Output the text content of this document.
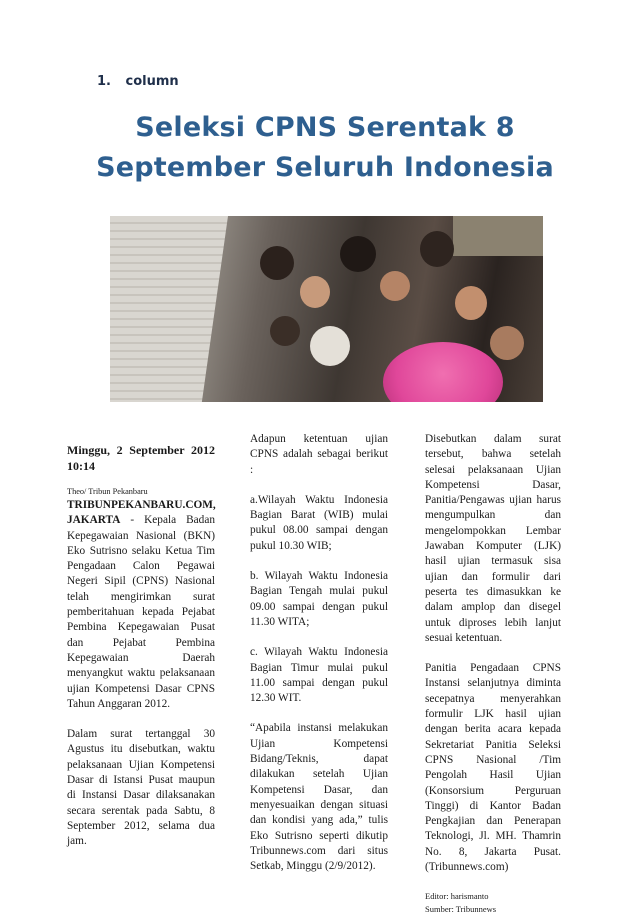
1. column
Seleksi CPNS Serentak 8 September Seluruh Indonesia

Minggu, 2 September 2012 10:14

Theo/ Tribun Pekanbaru

TRIBUNPEKANBARU.COM, JAKARTA - Kepala Badan Kepegawaian Nasional (BKN) Eko Sutrisno selaku Ketua Tim Pengadaan Calon Pegawai Negeri Sipil (CPNS) Nasional telah mengirimkan surat pemberitahuan kepada Pejabat Pembina Kepegawaian Pusat dan Pejabat Pembina Kepegawaian Daerah menyangkut waktu pelaksanaan ujian Kompetensi Dasar CPNS Tahun Anggaran 2012.

Dalam surat tertanggal 30 Agustus itu disebutkan, waktu pelaksanaan Ujian Kompetensi Dasar di Istansi Pusat maupun di Instansi Dasar dilaksanakan secara serentak pada Sabtu, 8 September 2012, selama dua jam.

Adapun ketentuan ujian CPNS adalah sebagai berikut :

a.Wilayah Waktu Indonesia Bagian Barat (WIB) mulai pukul 08.00 sampai dengan pukul 10.30 WIB;

b. Wilayah Waktu Indonesia Bagian Tengah mulai pukul 09.00 sampai dengan pukul 11.30 WITA;

c. Wilayah Waktu Indonesia Bagian Timur mulai pukul 11.00 sampai dengan pukul 12.30 WIT.

“Apabila instansi melakukan Ujian Kompetensi Bidang/Teknis, dapat dilakukan setelah Ujian Kompetensi Dasar, dan menyesuaikan dengan situasi dan kondisi yang ada,” tulis Eko Sutrisno seperti dikutip Tribunnews.com dari situs Setkab, Minggu (2/9/2012).

Disebutkan dalam surat tersebut, bahwa setelah selesai pelaksanaan Ujian Kompetensi Dasar, Panitia/Pengawas ujian harus mengumpulkan dan mengelompokkan Lembar Jawaban Komputer (LJK) hasil ujian termasuk sisa ujian dan formulir dari peserta tes dimasukkan ke dalam amplop dan disegel untuk diproses lebih lanjut sesuai ketentuan.

Panitia Pengadaan CPNS Instansi selanjutnya diminta secepatnya menyerahkan formulir LJK hasil ujian dengan berita acara kepada Sekretariat Panitia Seleksi CPNS Nasional /Tim Pengolah Hasil Ujian (Konsorsium Perguruan Tinggi) di Kantor Badan Pengkajian dan Penerapan Teknologi, Jl. MH. Thamrin No. 8, Jakarta Pusat. (Tribunnews.com)

Editor: harismanto

Sumber: Tribunnews
